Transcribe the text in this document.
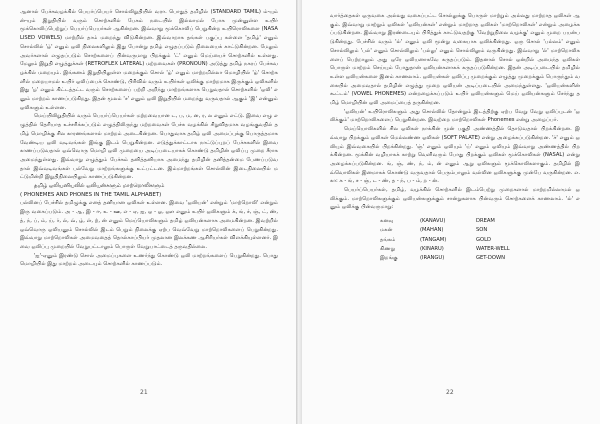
ஆனால் பேச்சுவழக்கில் பெயர்ப்பெயர் சொல்லிறுதியில் வரா. பொதுத் தமிழில் (STANDARD TAMIL) ம்-யும் ன்-யும் இறுதியில் வரும் சொற்களில் பேசும் நடையில் இல்லாமல் போக முன்னுள்ள உயிர் மூக்கொலிப்பெற்றுப் பெயர்ப்பெயர்கள் ஆகின்றன. இவ்வாறு மூக்கொலிப் பெறுகின்ற உயிரொலிகளை (NASALISED VOWELS) மாற்றில் தாம் மறைந்து விடுகின்றன. இவ்வாறாக தங்கள் பகுப்பு கள்ளை 'தமிழ்' எனும் சொல்லில் 'ழ்' எனும் ஒலி நிலைகளிலும் இது போன்று தமிழ் எழுதப்படும் நிலையைக் காட்டுகின்றன. மேலும் அவர்களால் எழுதப்படும் சொற்களைப் பின்வருமாறு பிறக்கும் 'ட்' எனும் மெய்யைச் சொற்களில் உள்ளது. மேலும் இறுதி எழுத்துக்கள் (RETROFLEX LATERAL) மற்றவைகள் (PRONOUN) அடுத்து தமிழ் நகரப் பேச்சுவழக்கில் மறையும். இங்கனம் இறுதியிலுள்ள மறைக்கும் சொல் 'ழ்' எனும் மாற்றமில்லா மொழியில் 'ழ்' சொற்களில் மறையாமல் உயிர் ஒலிப்பைக் கொண்டு, பிரிவில் வரும் உயிர்கள் ஒலிக்கு மாற்றமாக இருக்கும் ஒலிகளில் இது 'ழ' எனும் கிட்டத்தட்ட வரும் சொற்களைப் பற்றி அறிந்து மாற்றங்களாக பெறுவதால் சொற்களில் 'ஒலி' எனும் மாற்றம் காணப்படுகிறது. இதன் மூலம் 'ச' எனும் ஒலி இறுதியில் மறைந்து வருவதால் ஆகும் 'இ' என்னும் ஒலிகளும் உள்ளன.

மெய்யிலிறுதியில் வரும் பெயர்ப்பெயர்கள் மற்றவையான ட, ப, ம, ன, ர, ல எனும் எட்டு. இவை எழு எழுத்தில் தெரியாத உச்சரிக்கப்படும் எழுத்திலிருந்து மற்றவைகள் பேச்சு வழக்கில் சிறுவிதமாக வழங்குவதில் தமிழ் மொழிக்கு சில காரணங்களால் மாற்றம் அடைகின்றன. பொதுவாக தமிழ் ஒலி அமைப்புக்கு பொருத்தமாக வேண்டிய ஒலி வடிவங்கள் இங்கு இடம் பெறுகின்றன. எடுத்துக்காட்டாக நாட்டுப்புறப் பேச்சுகளில் இவை காணப்படுவதால் ஒவ்வொரு மொழி ஒலி முறையை அடிப்படையாகக் கொண்டு தமிழின் ஒலிப்பு முறை சீராக அமைந்துள்ளது. இவ்வாறு எழுத்தும் பேச்சும் தனித்தனியாக அமைந்து தமிழின் தனித்தன்மை பேணப்படுவதால் இவ்வடிவங்கள் பல்வேறு மாற்றங்களுக்கு உட்பட்டன. இம்மாற்றங்கள் சொல்லின் இடைநிலையில் மட்டுமின்றி இறுதிநிலையிலும் காணப்படுகின்றன.

தமிழ் ஒலியனியலில் ஒலியன்களும் மாற்றொலிகளும்

( PHONEMES AND PHONES IN THE TAMIL ALPHABET)

பல்லினப் பேச்சில் தமிழுக்கு எனத் தனியான ஒலிகள் உள்ளன. இவை 'ஒலியன்' என்றும் 'மாற்றொலி' என்றும் இரு வகைப்படும். அ - ஆ, இ - ஈ, உ - ஊ, எ - ஏ, ஐ, ஒ - ஓ, ஔ எனும் உயிர் ஒலிகளும் க், ங், ச், ஞ், ட், ண், த், ந், ப், ம், ய், ர், ல், வ், ழ், ள், ற், ன் எனும் மெய்யொலிகளும் தமிழ் ஒலியன்களாக அமைகின்றன. இவற்றில் ஒவ்வொரு ஒலியனும் சொல்லில் இடம் பெறும் நிலைக்கு ஏற்ப வெவ்வேறு மாற்றொலிகளைப் பெறுகின்றது. இவ்வாறு மாற்றொலிகள் அமைவதைத் தொல்காப்பியர் முதலான இலக்கண ஆசிரியர்கள் விளக்கியுள்ளனர். இவை ஒலிப்பு முறையில் வேறுபட்டாலும் பொருள் வேறுபாட்டைத் தருவதில்லை.

'ஐ'-ஏனும் இரண்டு சொல் அமைப்புகளை உணர்ந்து கொண்டு ஒலி மாற்றங்களைப் பெறுகின்றது. பொது மொழியில் இது மாற்றம் அடையும் சொற்களில் காணப்படும்.

21

வார்த்தைகள் ஒருவகை அல்லது வகைப்பட்ட சொல்லுக்கு பொருள் மாற்றும் அல்லது மாற்றாத ஒலிகள் ஆகும். இவ்வாறு மாற்றும் ஒலிகள் 'ஒலியன்கள்' என்றும் மாற்றாத ஒலிகள் 'மாற்றொலிகள்' என்றும் அழைக்கப்படுகின்றன. இவ்வாறு இரண்டையும் பிரித்துக் காட்டுவதற்கு 'வேற்றுநிலை வழக்கு' எனும் முறை பயன்படுகின்றது. பேச்சில் வரும் 'ல்' எனும் ஒலி மூன்று வகையாக ஒலிக்கின்றது. ஒரு சொல் 'பல்லம்' எனும் சொல்லிலும் 'பல்' எனும் சொல்லிலும் 'பல்லு' எனும் சொல்லிலும் வருகின்றது. இவ்வாறு 'ல்' மாற்றொலிகளைப் பெற்றாலும் அது ஒரே ஒலியனாகவே கருதப்படும். இதனால் சொல் ஒன்றில் அமைந்த ஒலிகள் பொருள் மாற்றம் செய்யும் போதுதான் ஒலியன்களாகக் கருதப்படுகின்றன. இதன் அடிப்படையில் தமிழில் உள்ள ஒலியன்களை இனம் காணலாம். ஒலியன்கள் ஒலிப்பு முறைக்கும் எழுத்து முறைக்கும் பொருந்தும் வகையில் அமைவதால் தமிழின் எழுத்து முறை ஒலியன் அடிப்படையில் அமைந்துள்ளது. 'ஒலியன்களின் கூட்டம்' (VOWEL PHONEMES) என்றழைக்கப்படும் உயிர் ஒலியன்களும் மெய் ஒலியன்களும் சேர்ந்து தமிழ் மொழியின் ஒலி அமைப்பைத் தருகின்றன.

'ஒலியன்' உயிரொலிகளும் அது சொல்லில் தோன்றும் இடத்திற்கு ஏற்ப வேறு வேறு ஒலிப்புடன் 'ஒலிக்கும்' மாற்றொலிகளைப் பெறுகின்றன. இவற்றை மாற்றொலிகள் Phonemes என்று அழைப்பர்.

மெய்யொலிகளில் சில ஒலிகள் நாக்கின் முன் பகுதி அண்ணத்தில் தொடுவதால் பிறக்கின்றன. இவ்வாறு பிறக்கும் ஒலிகள் மெல்லண்ண ஒலிகள் (SOFT PALATE) என்று அழைக்கப்படுகின்றன. 'ச்' எனும் ஒலியும் இவ்வகையில் பிறக்கின்றது. 'ஞ்' எனும் ஒலியும் 'ய்' எனும் ஒலியும் இவ்வாறு அண்ணத்தில் பிறக்கின்றன. மூக்கின் வழியாகக் காற்று வெளிவரும் போது பிறக்கும் ஒலிகள் மூக்கொலிகள் (NASAL) என்று அழைக்கப்படுகின்றன. ங், ஞ், ண், ந், ம், ன் எனும் ஆறு ஒலிகளும் மூக்கொலிகளாகும். தமிழில் இவ்வொலிகள் இனமாகக் கொண்டு வருவதால் பெரும்பாலும் வல்லின ஒலிகளுக்கு முன்பே வருகின்றன. எ.கா: க - ங், ச - ஞ், ட - ண், த - ந், ப - ம், ற - ன்.

பெயர்ப்பெயர்கள், தமிழ், வழக்கில் சொற்களில் இடம்பெற்று முறைகளால் மாற்றமில்லாமல் ஒலிக்கும். மாற்றொலிகளுக்கும் ஒலியன்களுக்கும் சான்றுகளாக பின்வரும் சொற்களைக் காணலாம். 'ல்' எனும் ஒலிக்கு பின்வருமாறு:

கனவு	(KANAVU)	DREAM
மகன்	(MAHAN)	SON
தங்கம்	(TANGAM)	GOLD
கிணறு	(KINARU)	WATER-WELL
இறங்கு	(IRANGU)	GET-DOWN
22
